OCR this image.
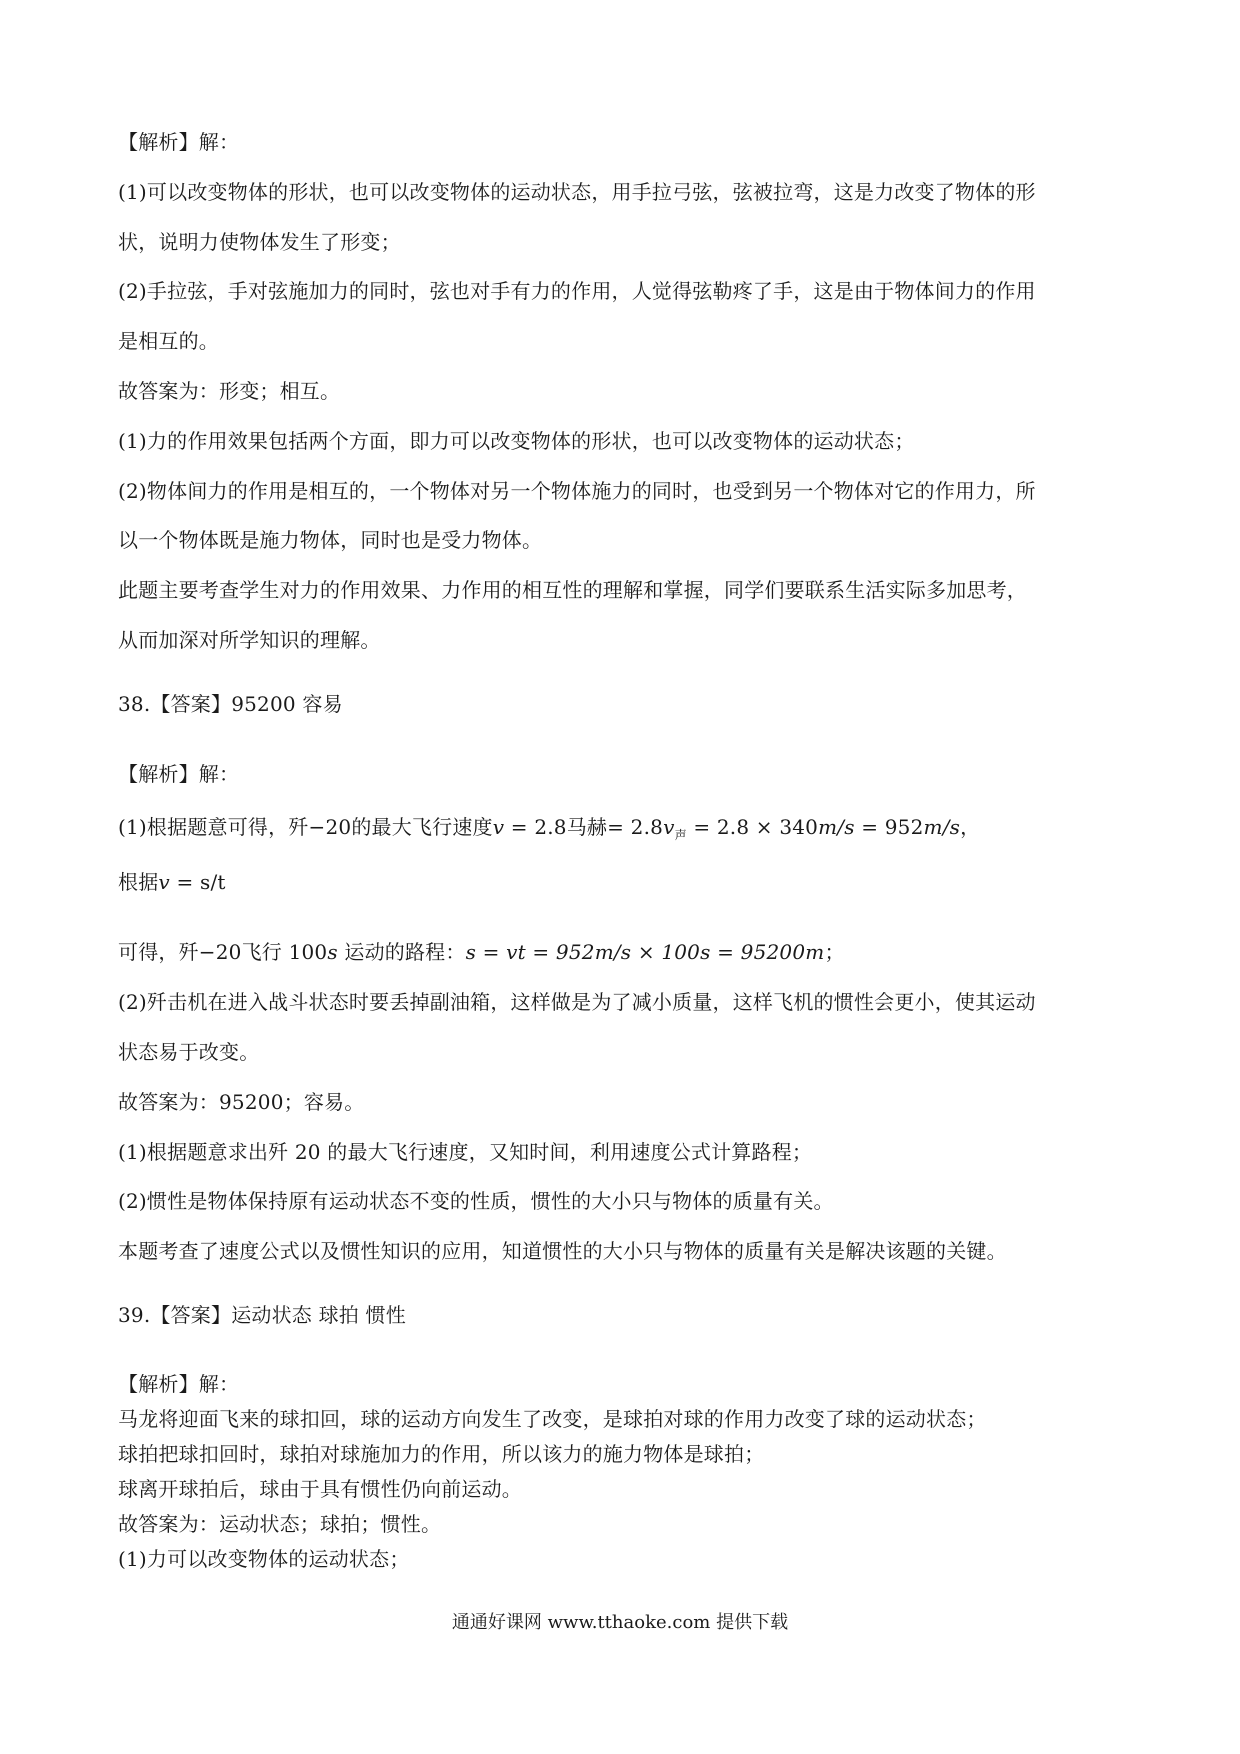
【解析】解：
(1)可以改变物体的形状，也可以改变物体的运动状态，用手拉弓弦，弦被拉弯，这是力改变了物体的形
状，说明力使物体发生了形变；
(2)手拉弦，手对弦施加力的同时，弦也对手有力的作用，人觉得弦勒疼了手，这是由于物体间力的作用
是相互的。
故答案为：形变；相互。
(1)力的作用效果包括两个方面，即力可以改变物体的形状，也可以改变物体的运动状态；
(2)物体间力的作用是相互的，一个物体对另一个物体施力的同时，也受到另一个物体对它的作用力，所
以一个物体既是施力物体，同时也是受力物体。
此题主要考查学生对力的作用效果、力作用的相互性的理解和掌握，同学们要联系生活实际多加思考，
从而加深对所学知识的理解。
38.【答案】95200 容易
【解析】解：
(1)根据题意可得，歼−20的最大飞行速度v = 2.8马赫= $2.8v_声 = 2.8 \times 340m/s = 952m/s$，
根据v = s/t
可得，歼−20飞行 100s 运动的路程：s = vt = 952m/s × 100s = 95200m；
(2)歼击机在进入战斗状态时要丢掉副油箱，这样做是为了减小质量，这样飞机的惯性会更小，使其运动
状态易于改变。
故答案为：95200；容易。
(1)根据题意求出歼 20 的最大飞行速度，又知时间，利用速度公式计算路程；
(2)惯性是物体保持原有运动状态不变的性质，惯性的大小只与物体的质量有关。
本题考查了速度公式以及惯性知识的应用，知道惯性的大小只与物体的质量有关是解决该题的关键。
39.【答案】运动状态 球拍 惯性
【解析】解：
马龙将迎面飞来的球扣回，球的运动方向发生了改变，是球拍对球的作用力改变了球的运动状态；
球拍把球扣回时，球拍对球施加力的作用，所以该力的施力物体是球拍；
球离开球拍后，球由于具有惯性仍向前运动。
故答案为：运动状态；球拍；惯性。
(1)力可以改变物体的运动状态；
通通好课网 www.tthaoke.com 提供下载
